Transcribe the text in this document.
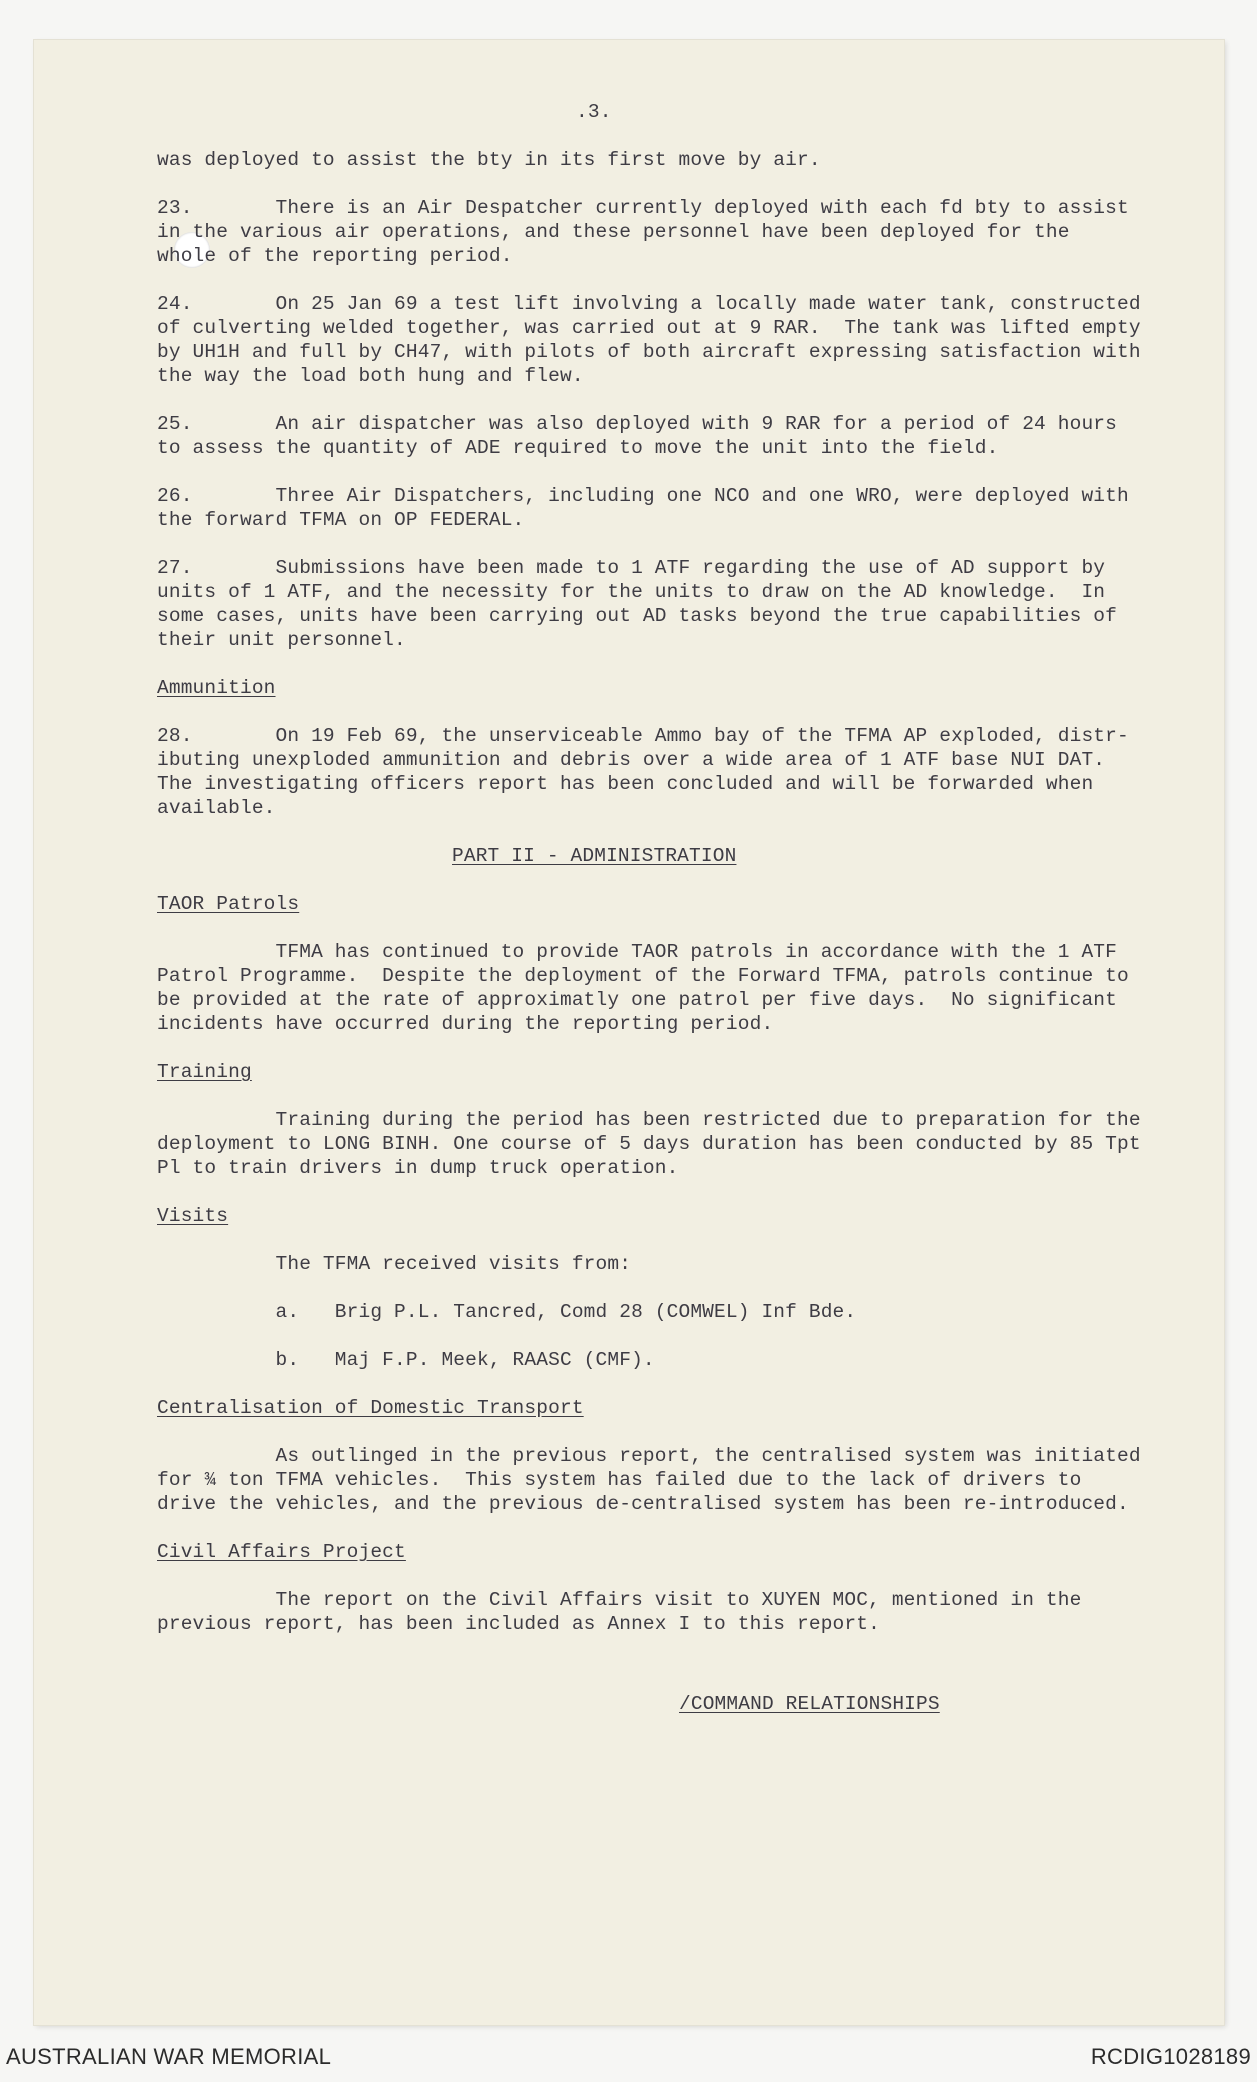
.3.
was deployed to assist the bty in its first move by air.
23.       There is an Air Despatcher currently deployed with each fd bty to assist
in the various air operations, and these personnel have been deployed for the
whole of the reporting period.
24.       On 25 Jan 69 a test lift involving a locally made water tank, constructed
of culverting welded together, was carried out at 9 RAR.  The tank was lifted empty
by UH1H and full by CH47, with pilots of both aircraft expressing satisfaction with
the way the load both hung and flew.
25.       An air dispatcher was also deployed with 9 RAR for a period of 24 hours
to assess the quantity of ADE required to move the unit into the field.
26.       Three Air Dispatchers, including one NCO and one WRO, were deployed with
the forward TFMA on OP FEDERAL.
27.       Submissions have been made to 1 ATF regarding the use of AD support by
units of 1 ATF, and the necessity for the units to draw on the AD knowledge.  In
some cases, units have been carrying out AD tasks beyond the true capabilities of
their unit personnel.
Ammunition
28.       On 19 Feb 69, the unserviceable Ammo bay of the TFMA AP exploded, distr-
ibuting unexploded ammunition and debris over a wide area of 1 ATF base NUI DAT.
The investigating officers report has been concluded and will be forwarded when
available.
PART II - ADMINISTRATION
TAOR Patrols
TFMA has continued to provide TAOR patrols in accordance with the 1 ATF
Patrol Programme.  Despite the deployment of the Forward TFMA, patrols continue to
be provided at the rate of approximatly one patrol per five days.  No significant
incidents have occurred during the reporting period.
Training
Training during the period has been restricted due to preparation for the
deployment to LONG BINH. One course of 5 days duration has been conducted by 85 Tpt
Pl to train drivers in dump truck operation.
Visits
The TFMA received visits from:
a.   Brig P.L. Tancred, Comd 28 (COMWEL) Inf Bde.
b.   Maj F.P. Meek, RAASC (CMF).
Centralisation of Domestic Transport
As outlinged in the previous report, the centralised system was initiated
for ¾ ton TFMA vehicles.  This system has failed due to the lack of drivers to
drive the vehicles, and the previous de-centralised system has been re-introduced.
Civil Affairs Project
The report on the Civil Affairs visit to XUYEN MOC, mentioned in the
previous report, has been included as Annex I to this report.
/COMMAND RELATIONSHIPS
AUSTRALIAN WAR MEMORIAL	RCDIG1028189
